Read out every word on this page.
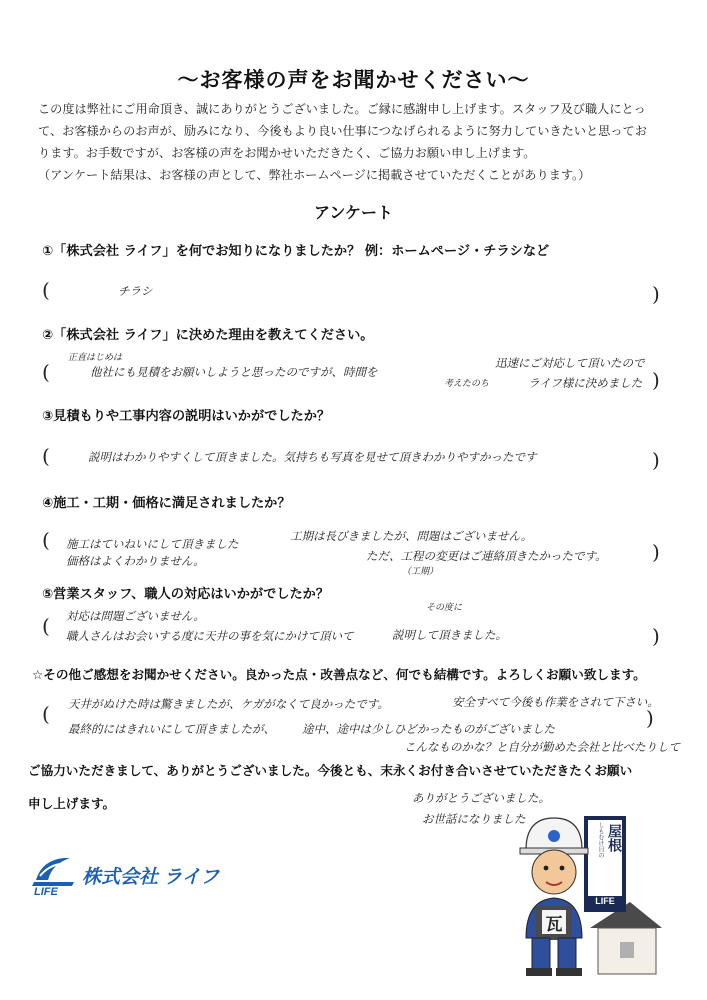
〜お客様の声をお聞かせください〜
この度は弊社にご用命頂き、誠にありがとうございました。ご縁に感謝申し上げます。スタッフ及び職人にとっ
て、お客様からのお声が、励みになり、今後もより良い仕事につなげられるように努力していきたいと思ってお
ります。お手数ですが、お客様の声をお聞かせいただきたく、ご協力お願い申し上げます。
（アンケート結果は、お客様の声として、弊社ホームページに掲載させていただくことがあります。）
アンケート
①「株式会社 ライフ」を何でお知りになりましたか？ 例：ホームページ・チラシなど
(	)
チラシ
②「株式会社 ライフ」に決めた理由を教えてください。
正直はじめは
(	他社にも見積をお願いしようと思ったのですが、時間を
迅速にご対応して頂いたので
考えたのち	ライフ様に決めました )
③見積もりや工事内容の説明はいかがでしたか？
(	説明はわかりやすくして頂きました。気持ちも写真を見せて頂きわかりやすかったです	)
④施工・工期・価格に満足されましたか？
( 施工はていねいにして頂きました
価格はよくわかりません。
工期は長びきましたが、問題はございません。
（工期）
ただ、工程の変更はご連絡頂きたかったです。 )
⑤営業スタッフ、職人の対応はいかがでしたか？
( 対応は問題ございません。
職人さんはお会いする度に天井の事を気にかけて頂いて
その度に
説明して頂きました。	)
☆その他ご感想をお聞かせください。良かった点・改善点など、何でも結構です。よろしくお願い致します。
( 天井がぬけた時は驚きましたが、ケガがなくて良かったです。	安全すべて今後も作業をされて下さい。
最終的にはきれいにして頂きましたが、 途中、途中は少しひどかったものがございました
こんなものかな？と自分が勤めた会社と比べたりして
)
ご協力いただきまして、ありがとうございました。今後とも、末永くお付き合いさせていただきたくお願い
申し上げます。	ありがとうございました。
お世話になりました
LIFE
株式会社 ライフ
しもむけ目の 屋根
LIFE
瓦
